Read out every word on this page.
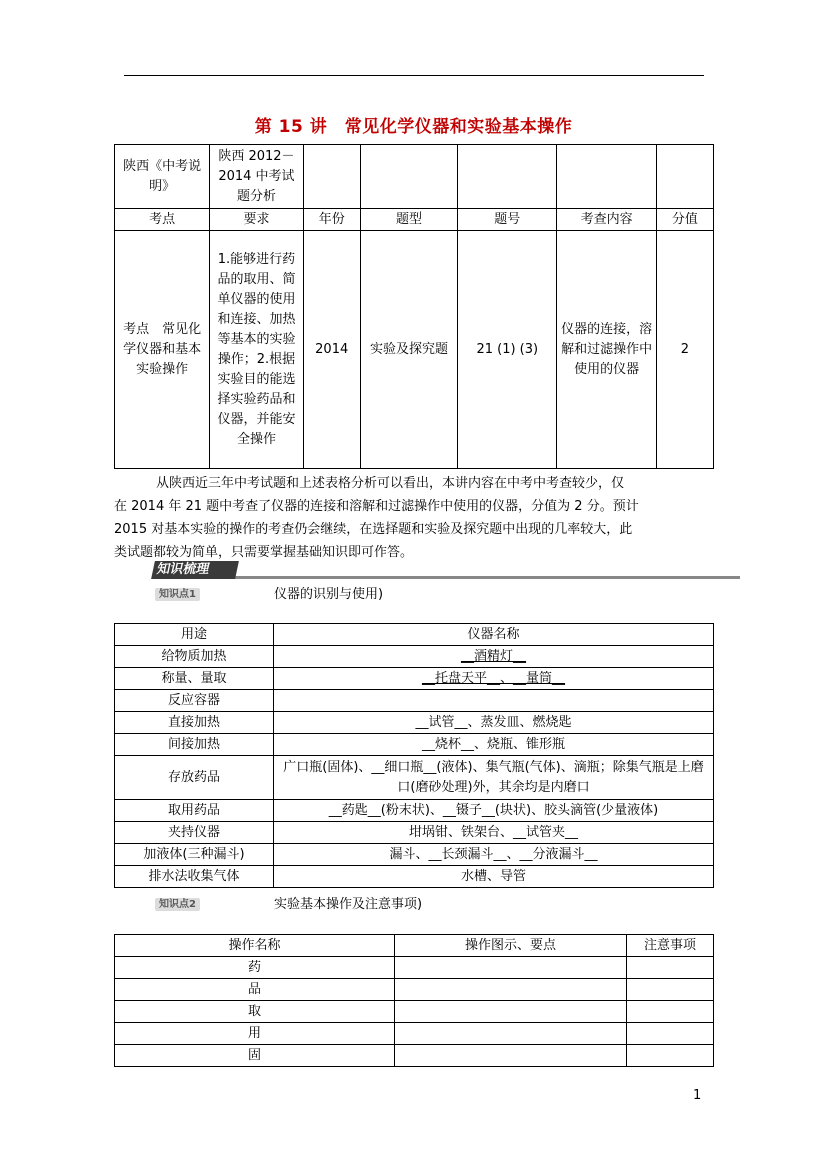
第 15 讲　常见化学仪器和实验基本操作
陕西《中考说明》	陕西 2012－2014 中考试题分析					
考点	要求	年份	题型	题号	考查内容	分值
考点　常见化学仪器和基本实验操作	1.能够进行药品的取用、简单仪器的使用和连接、加热等基本的实验操作；2.根据实验目的能选择实验药品和仪器，并能安全操作	2014	实验及探究题	21 (1) (3)	仪器的连接，溶解和过滤操作中使用的仪器	2
从陕西近三年中考试题和上述表格分析可以看出，本讲内容在中考中考查较少，仅
在 2014 年 21 题中考查了仪器的连接和溶解和过滤操作中使用的仪器，分值为 2 分。预计
2015 对基本实验的操作的考查仍会继续，在选择题和实验及探究题中出现的几率较大，此
类试题都较为简单，只需要掌握基础知识即可作答。
知识梳理
知识点1	仪器的识别与使用)
用途	仪器名称
给物质加热	__酒精灯__
称量、量取	__托盘天平__、__量筒__
反应容器	
直接加热	__试管__、蒸发皿、燃烧匙
间接加热	__烧杯__、烧瓶、锥形瓶
存放药品	广口瓶(固体)、__细口瓶__(液体)、集气瓶(气体)、滴瓶；除集气瓶是上磨口(磨砂处理)外，其余均是内磨口
取用药品	__药匙__(粉末状)、__镊子__(块状)、胶头滴管(少量液体)
夹持仪器	坩埚钳、铁架台、__试管夹__
加液体(三种漏斗)	漏斗、__长颈漏斗__、__分液漏斗__
排水法收集气体	水槽、导管
知识点2	实验基本操作及注意事项)
操作名称	操作图示、要点	注意事项
药		
品		
取		
用		
固		
1
